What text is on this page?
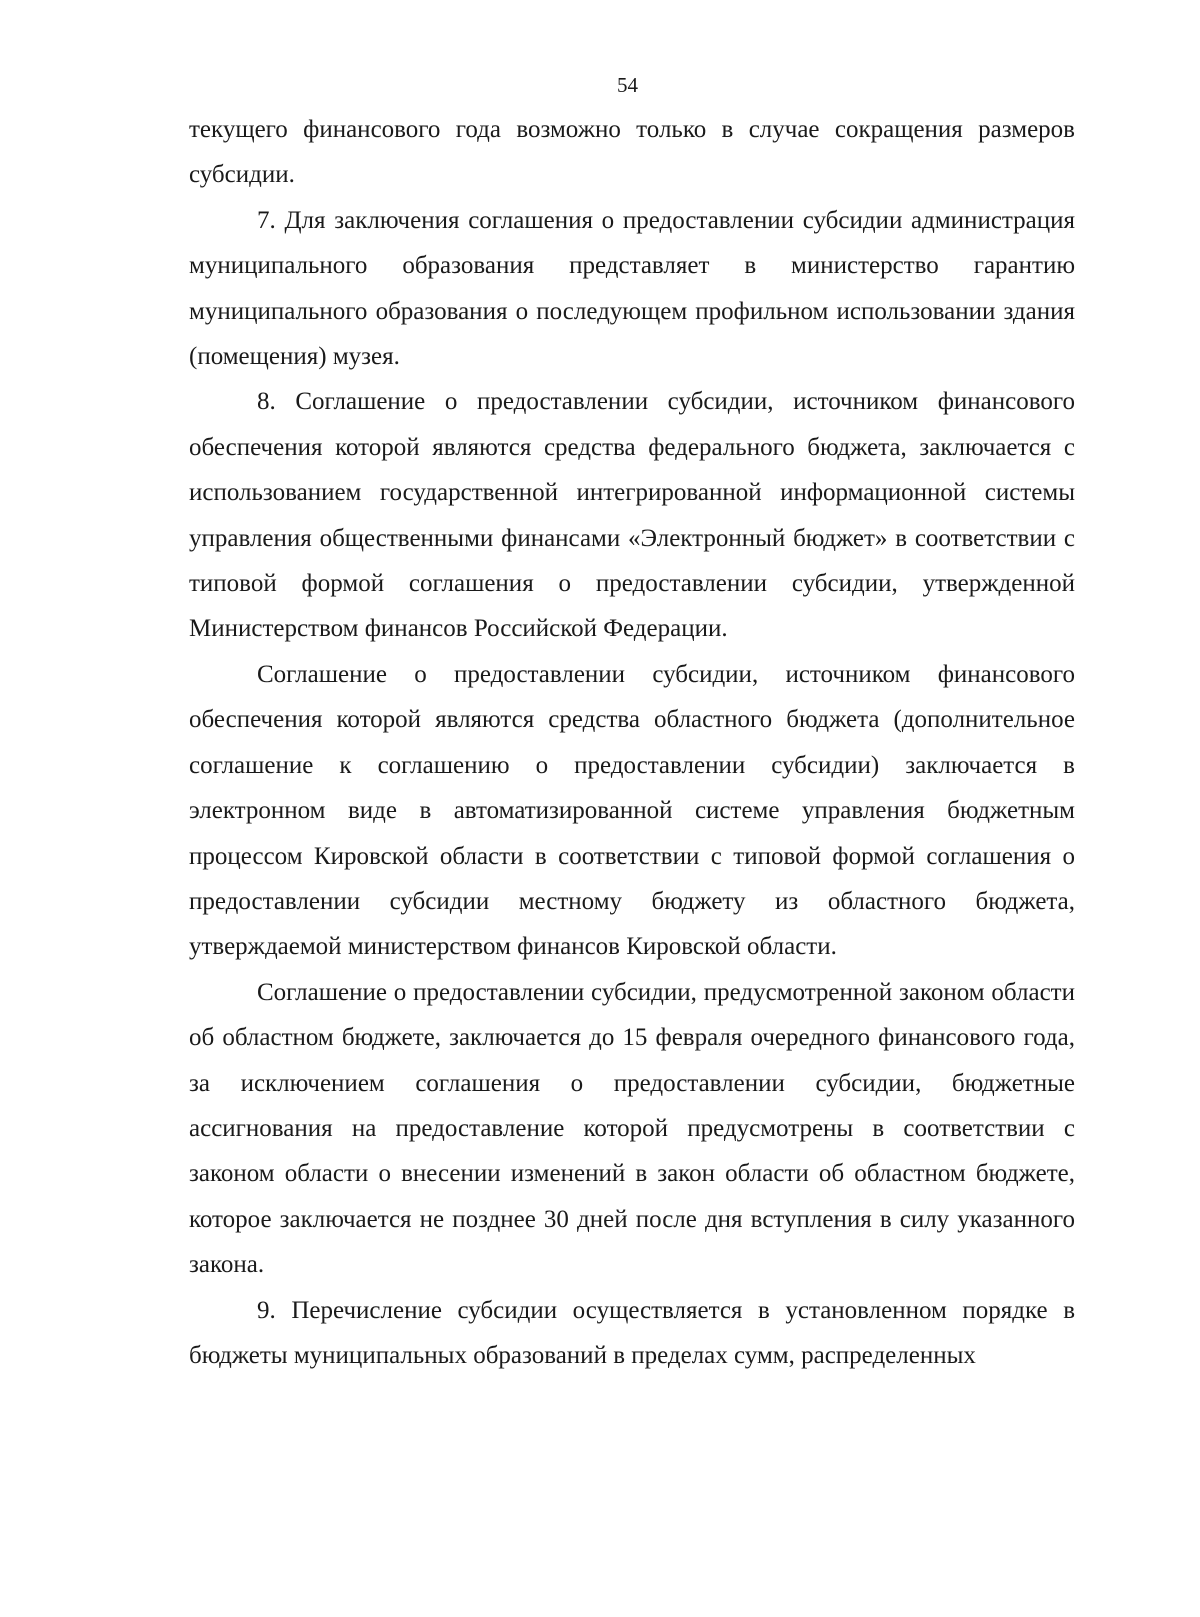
54

текущего финансового года возможно только в случае сокращения размеров субсидии.

7. Для заключения соглашения о предоставлении субсидии администрация муниципального образования представляет в министерство гарантию муниципального образования о последующем профильном использовании здания (помещения) музея.

8. Соглашение о предоставлении субсидии, источником финансового обеспечения которой являются средства федерального бюджета, заключается с использованием государственной интегрированной информационной системы управления общественными финансами «Электронный бюджет» в соответствии с типовой формой соглашения о предоставлении субсидии, утвержденной Министерством финансов Российской Федерации.

Соглашение о предоставлении субсидии, источником финансового обеспечения которой являются средства областного бюджета (дополнительное соглашение к соглашению о предоставлении субсидии) заключается в электронном виде в автоматизированной системе управления бюджетным процессом Кировской области в соответствии с типовой формой соглашения о предоставлении субсидии местному бюджету из областного бюджета, утверждаемой министерством финансов Кировской области.

Соглашение о предоставлении субсидии, предусмотренной законом области об областном бюджете, заключается до 15 февраля очередного финансового года, за исключением соглашения о предоставлении субсидии, бюджетные ассигнования на предоставление которой предусмотрены в соответствии с законом области о внесении изменений в закон области об областном бюджете, которое заключается не позднее 30 дней после дня вступления в силу указанного закона.

9. Перечисление субсидии осуществляется в установленном порядке в бюджеты муниципальных образований в пределах сумм, распределенных
